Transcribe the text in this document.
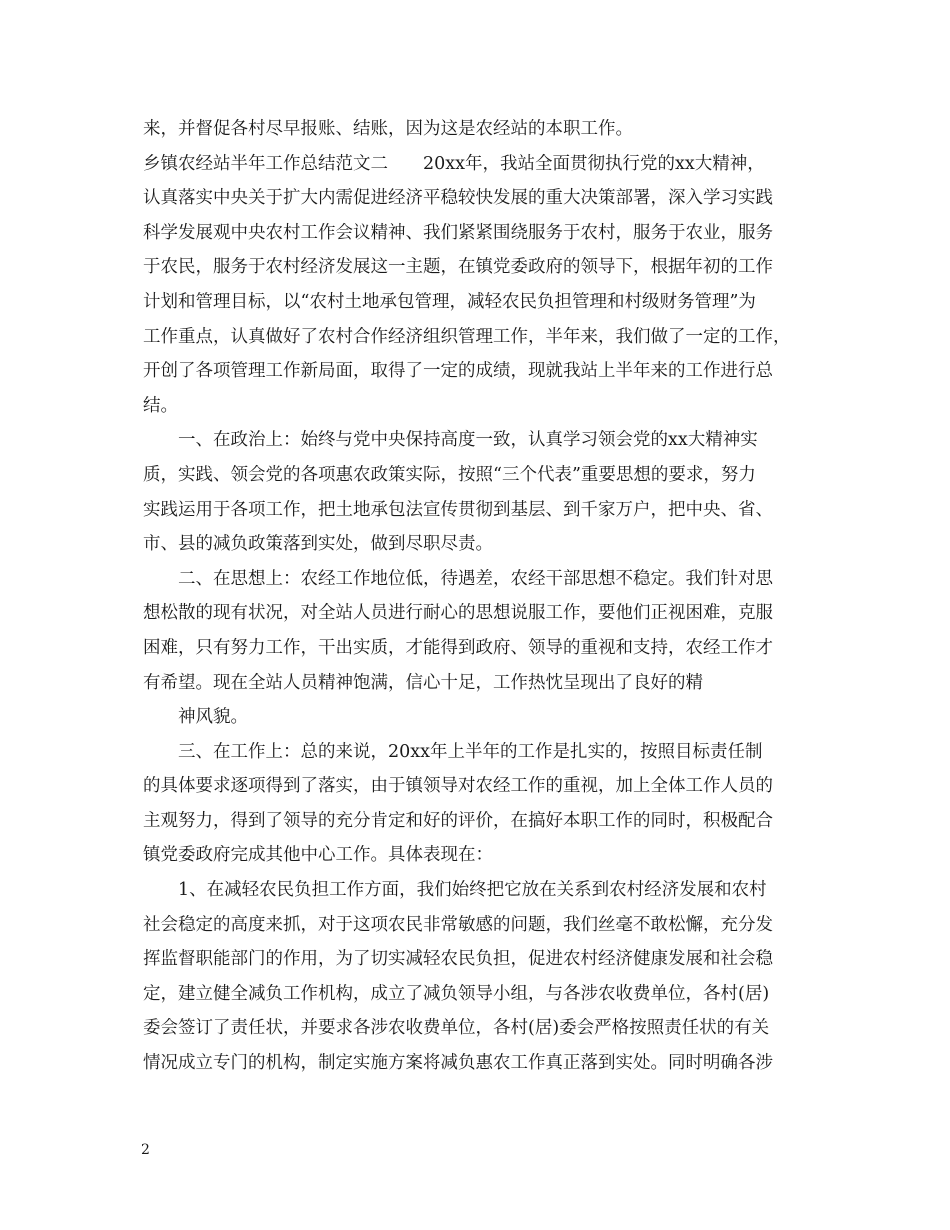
来，并督促各村尽早报账、结账，因为这是农经站的本职工作。

乡镇农经站半年工作总结范文二　　20xx年，我站全面贯彻执行党的xx大精神，

认真落实中央关于扩大内需促进经济平稳较快发展的重大决策部署，深入学习实践

科学发展观中央农村工作会议精神、我们紧紧围绕服务于农村，服务于农业，服务

于农民，服务于农村经济发展这一主题，在镇党委政府的领导下，根据年初的工作

计划和管理目标，以“农村土地承包管理，减轻农民负担管理和村级财务管理”为

工作重点，认真做好了农村合作经济组织管理工作，半年来，我们做了一定的工作，

开创了各项管理工作新局面，取得了一定的成绩，现就我站上半年来的工作进行总

结。

一、在政治上：始终与党中央保持高度一致，认真学习领会党的xx大精神实

质，实践、领会党的各项惠农政策实际，按照“三个代表”重要思想的要求，努力

实践运用于各项工作，把土地承包法宣传贯彻到基层、到千家万户，把中央、省、

市、县的减负政策落到实处，做到尽职尽责。

二、在思想上：农经工作地位低，待遇差，农经干部思想不稳定。我们针对思

想松散的现有状况，对全站人员进行耐心的思想说服工作，要他们正视困难，克服

困难，只有努力工作，干出实质，才能得到政府、领导的重视和支持，农经工作才

有希望。现在全站人员精神饱满，信心十足，工作热忱呈现出了良好的精

神风貌。

三、在工作上：总的来说，20xx年上半年的工作是扎实的，按照目标责任制

的具体要求逐项得到了落实，由于镇领导对农经工作的重视，加上全体工作人员的

主观努力，得到了领导的充分肯定和好的评价，在搞好本职工作的同时，积极配合

镇党委政府完成其他中心工作。具体表现在：

1、在减轻农民负担工作方面，我们始终把它放在关系到农村经济发展和农村

社会稳定的高度来抓，对于这项农民非常敏感的问题，我们丝毫不敢松懈，充分发

挥监督职能部门的作用，为了切实减轻农民负担，促进农村经济健康发展和社会稳

定，建立健全减负工作机构，成立了减负领导小组，与各涉农收费单位，各村(居)

委会签订了责任状，并要求各涉农收费单位，各村(居)委会严格按照责任状的有关

情况成立专门的机构，制定实施方案将减负惠农工作真正落到实处。同时明确各涉

2
